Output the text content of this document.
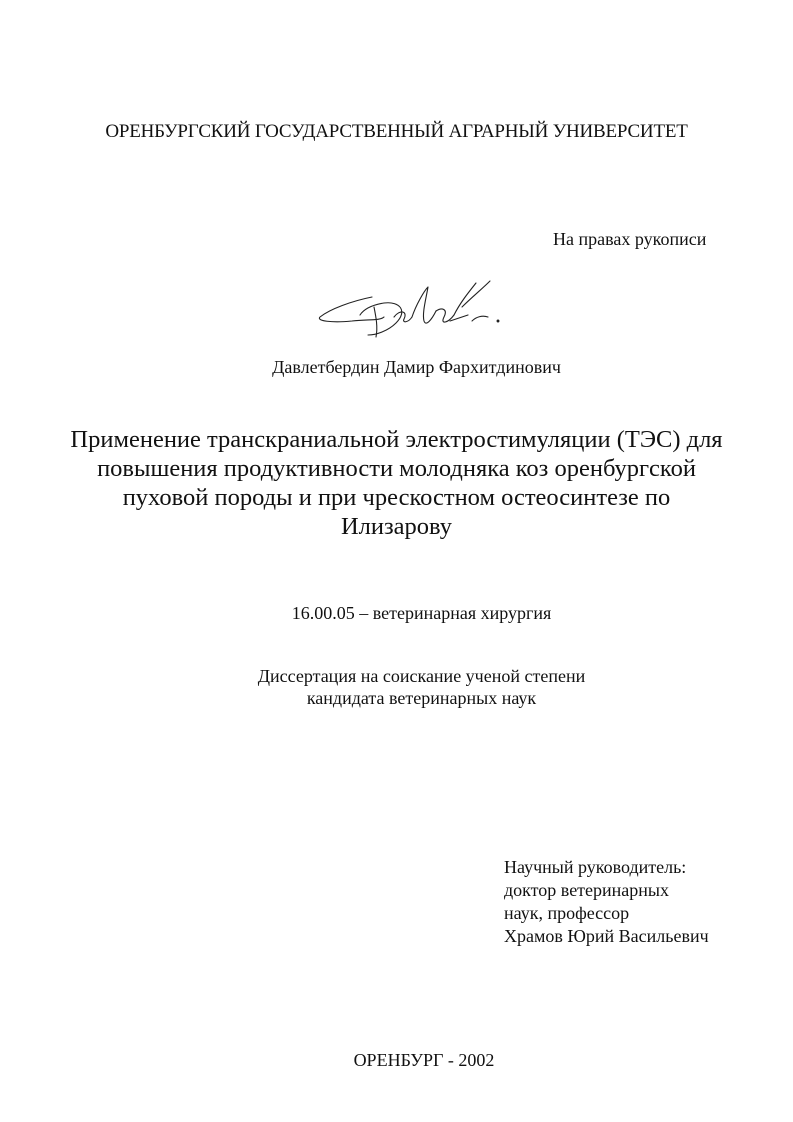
ОРЕНБУРГСКИЙ ГОСУДАРСТВЕННЫЙ АГРАРНЫЙ УНИВЕРСИТЕТ
На правах рукописи
Давлетбердин Дамир Фархитдинович
Применение транскраниальной электростимуляции (ТЭС) для
повышения продуктивности молодняка коз оренбургской
пуховой породы и при чрескостном остеосинтезе по
Илизарову
16.00.05 – ветеринарная хирургия
Диссертация на соискание ученой степени
кандидата ветеринарных наук
Научный руководитель:
доктор ветеринарных
наук, профессор
Храмов Юрий Васильевич
ОРЕНБУРГ - 2002
